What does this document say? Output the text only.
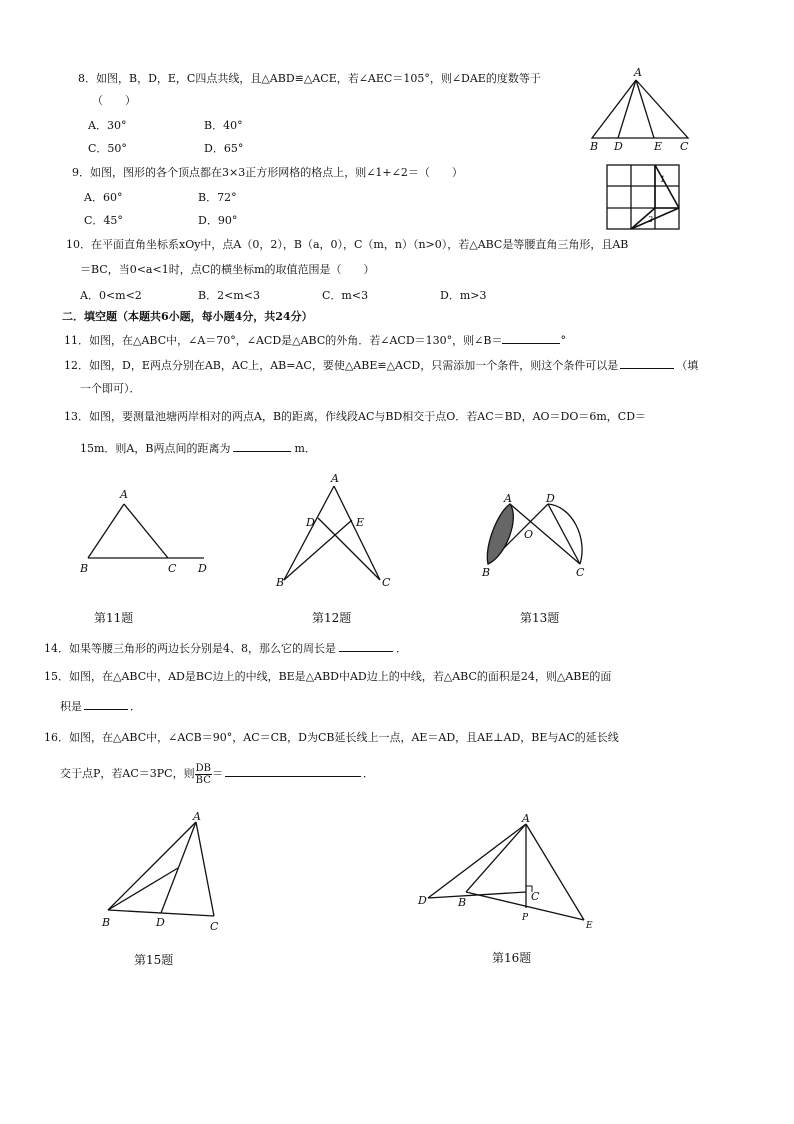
8．如图，B，D，E，C四点共线，且△ABD≌△ACE，若∠AEC＝105°，则∠DAE的度数等于
（　　）
A．30°	B．40°
C．50°	D．65°
A
B D	E C
9．如图，图形的各个顶点都在3×3正方形网格的格点上，则∠1+∠2＝（　　）
A．60°	B．72°
C．45°	D．90°
1
2
10．在平面直角坐标系xOy中，点A（0，2），B（a，0），C（m，n）（n>0），若△ABC是等腰直角三角形，且AB
＝BC，当0<a<1时，点C的横坐标m的取值范围是（　　）
A．0<m<2	B．2<m<3	C．m<3	D．m>3
二．填空题（本题共6小题，每小题4分，共24分）
11．如图，在△ABC中，∠A＝70°，∠ACD是△ABC的外角．若∠ACD＝130°，则∠B＝	°
12．如图，D，E两点分别在AB，AC上，AB=AC，要使△ABE≌△ACD，只需添加一个条件，则这个条件可以是	（填
一个即可）．
13．如图，要测量池塘两岸相对的两点A，B的距离，作线段AC与BD相交于点O．若AC＝BD，AO＝DO＝6m，CD＝
15m．则A，B两点间的距离为	m．
A
B	C D
第11题
A
D	E
B	C
第12题
A	D
O
B	C
第13题
14．如果等腰三角形的两边长分别是4、8，那么它的周长是	．
15．如图，在△ABC中，AD是BC边上的中线，BE是△ABD中AD边上的中线，若△ABC的面积是24，则△ABE的面
积是	．
16．如图，在△ABC中，∠ACB＝90°，AC＝CB，D为CB延长线上一点，AE＝AD，且AE⊥AD，BE与AC的延长线
交于点P，若AC＝3PC，则 $\frac{DB}{BC}=$	．
A
B	D	C
第15题
A
C
D	B
P
E
第16题
